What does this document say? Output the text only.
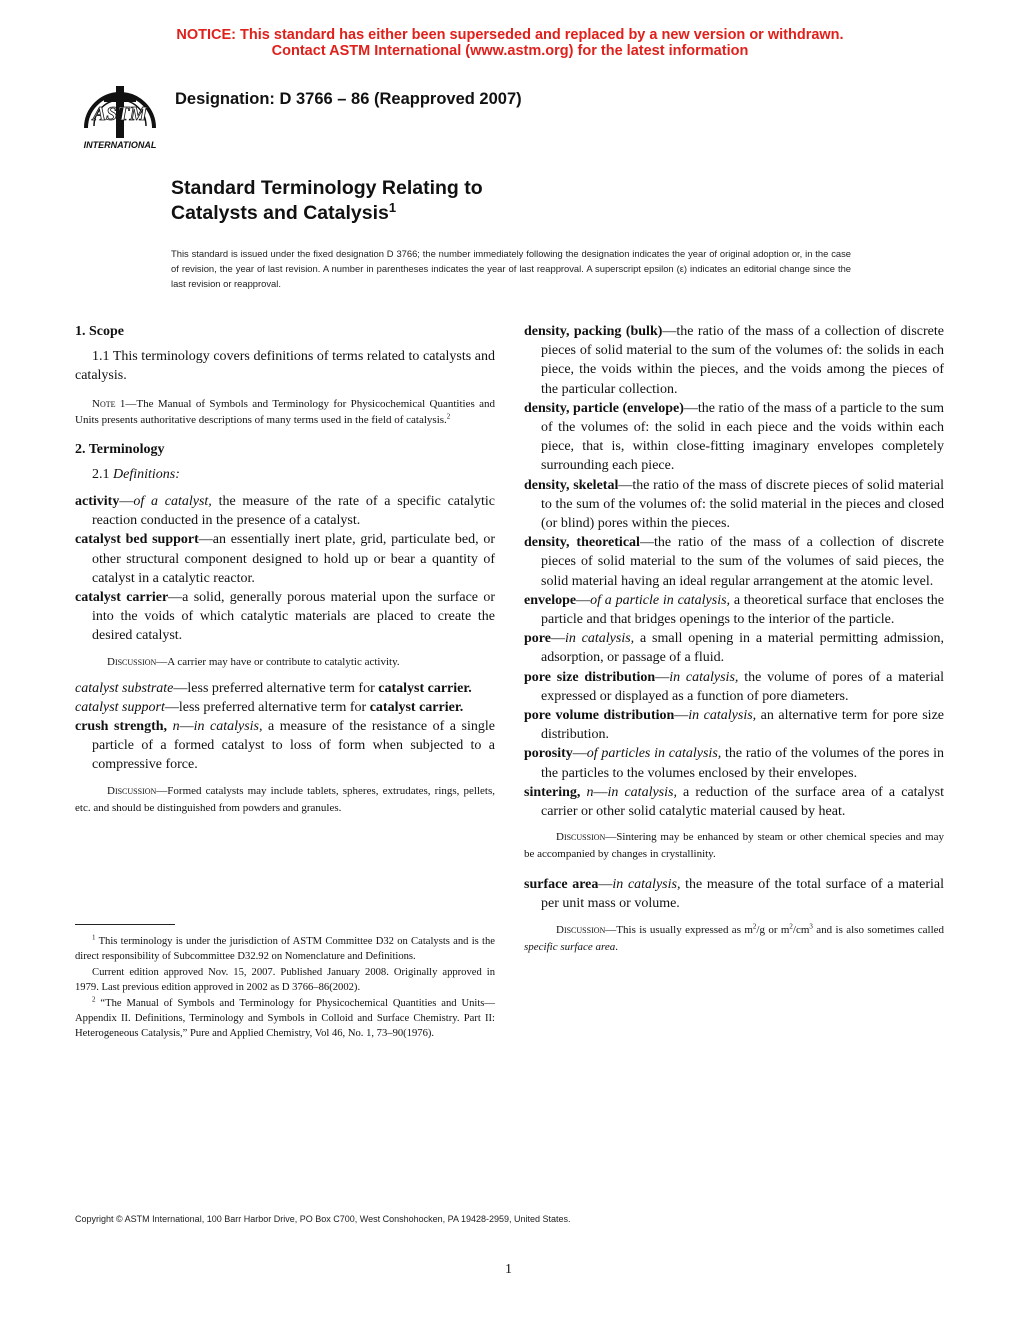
NOTICE: This standard has either been superseded and replaced by a new version or withdrawn.
Contact ASTM International (www.astm.org) for the latest information
ASTM
INTERNATIONAL
Designation: D 3766 – 86 (Reapproved 2007)
Standard Terminology Relating to
Catalysts and Catalysis$^1$
This standard is issued under the fixed designation D 3766; the number immediately following the designation indicates the year of original adoption or, in the case of revision, the year of last revision. A number in parentheses indicates the year of last reapproval. A superscript epsilon (ε) indicates an editorial change since the last revision or reapproval.

1. Scope

1.1 This terminology covers definitions of terms related to catalysts and catalysis.

Note 1—The Manual of Symbols and Terminology for Physicochemical Quantities and Units presents authoritative descriptions of many terms used in the field of catalysis.$^2$

2. Terminology

2.1 Definitions:

activity—of a catalyst, the measure of the rate of a specific catalytic reaction conducted in the presence of a catalyst.

catalyst bed support—an essentially inert plate, grid, particulate bed, or other structural component designed to hold up or bear a quantity of catalyst in a catalytic reactor.

catalyst carrier—a solid, generally porous material upon the surface or into the voids of which catalytic materials are placed to create the desired catalyst.

Discussion—A carrier may have or contribute to catalytic activity.

catalyst substrate—less preferred alternative term for catalyst carrier.

catalyst support—less preferred alternative term for catalyst carrier.

crush strength, n—in catalysis, a measure of the resistance of a single particle of a formed catalyst to loss of form when subjected to a compressive force.

Discussion—Formed catalysts may include tablets, spheres, extrudates, rings, pellets, etc. and should be distinguished from powders and granules.

density, packing (bulk)—the ratio of the mass of a collection of discrete pieces of solid material to the sum of the volumes of: the solids in each piece, the voids within the pieces, and the voids among the pieces of the particular collection.

density, particle (envelope)—the ratio of the mass of a particle to the sum of the volumes of: the solid in each piece and the voids within each piece, that is, within close-fitting imaginary envelopes completely surrounding each piece.

density, skeletal—the ratio of the mass of discrete pieces of solid material to the sum of the volumes of: the solid material in the pieces and closed (or blind) pores within the pieces.

density, theoretical—the ratio of the mass of a collection of discrete pieces of solid material to the sum of the volumes of said pieces, the solid material having an ideal regular arrangement at the atomic level.

envelope—of a particle in catalysis, a theoretical surface that encloses the particle and that bridges openings to the interior of the particle.

pore—in catalysis, a small opening in a material permitting admission, adsorption, or passage of a fluid.

pore size distribution—in catalysis, the volume of pores of a material expressed or displayed as a function of pore diameters.

pore volume distribution—in catalysis, an alternative term for pore size distribution.

porosity—of particles in catalysis, the ratio of the volumes of the pores in the particles to the volumes enclosed by their envelopes.

sintering, n—in catalysis, a reduction of the surface area of a catalyst carrier or other solid catalytic material caused by heat.

Discussion—Sintering may be enhanced by steam or other chemical species and may be accompanied by changes in crystallinity.

surface area—in catalysis, the measure of the total surface of a material per unit mass or volume.

Discussion—This is usually expressed as $m^2/g$ or $m^2/cm^3$ and is also sometimes called specific surface area.

$^1$ This terminology is under the jurisdiction of ASTM Committee D32 on Catalysts and is the direct responsibility of Subcommittee D32.92 on Nomenclature and Definitions.

Current edition approved Nov. 15, 2007. Published January 2008. Originally approved in 1979. Last previous edition approved in 2002 as D 3766–86(2002).

$^2$ “The Manual of Symbols and Terminology for Physicochemical Quantities and Units—Appendix II. Definitions, Terminology and Symbols in Colloid and Surface Chemistry. Part II: Heterogeneous Catalysis,” Pure and Applied Chemistry, Vol 46, No. 1, 73–90(1976).

Copyright © ASTM International, 100 Barr Harbor Drive, PO Box C700, West Conshohocken, PA 19428-2959, United States.
1
